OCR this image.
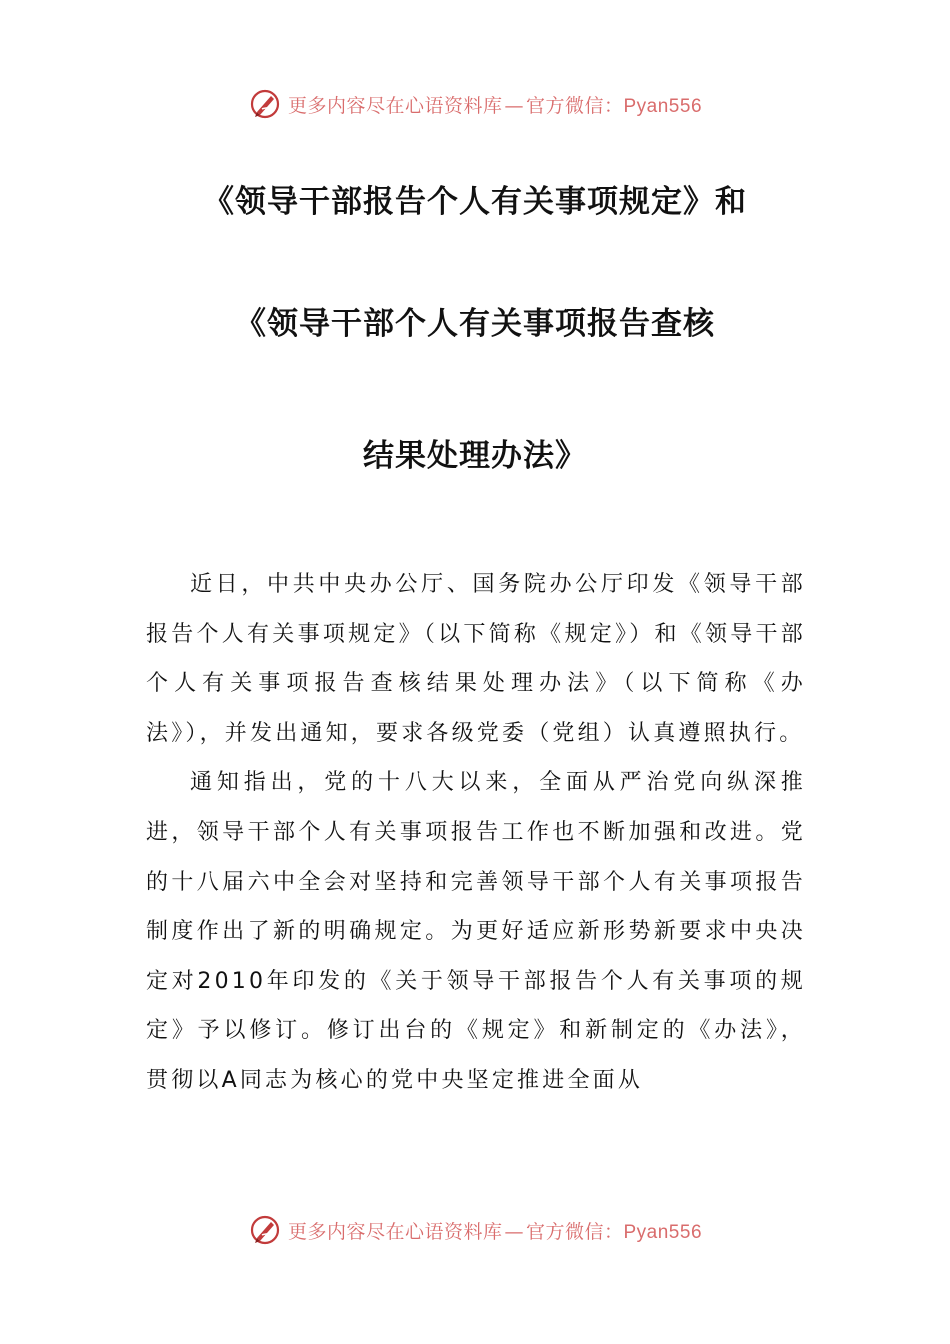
更多内容尽在心语资料库 — 官方微信：Pyan556
《领导干部报告个人有关事项规定》和
《领导干部个人有关事项报告查核
结果处理办法》

近日，中共中央办公厅、国务院办公厅印发《领导干部报告个人有关事项规定》（以下简称《规定》）和《领导干部个人有关事项报告查核结果处理办法》（以下简称《办法》），并发出通知，要求各级党委（党组）认真遵照执行。

通知指出，党的十八大以来，全面从严治党向纵深推进，领导干部个人有关事项报告工作也不断加强和改进。党的十八届六中全会对坚持和完善领导干部个人有关事项报告制度作出了新的明确规定。为更好适应新形势新要求中央决定对2010年印发的《关于领导干部报告个人有关事项的规定》予以修订。修订出台的《规定》和新制定的《办法》，贯彻以A同志为核心的党中央坚定推进全面从

更多内容尽在心语资料库 — 官方微信：Pyan556
